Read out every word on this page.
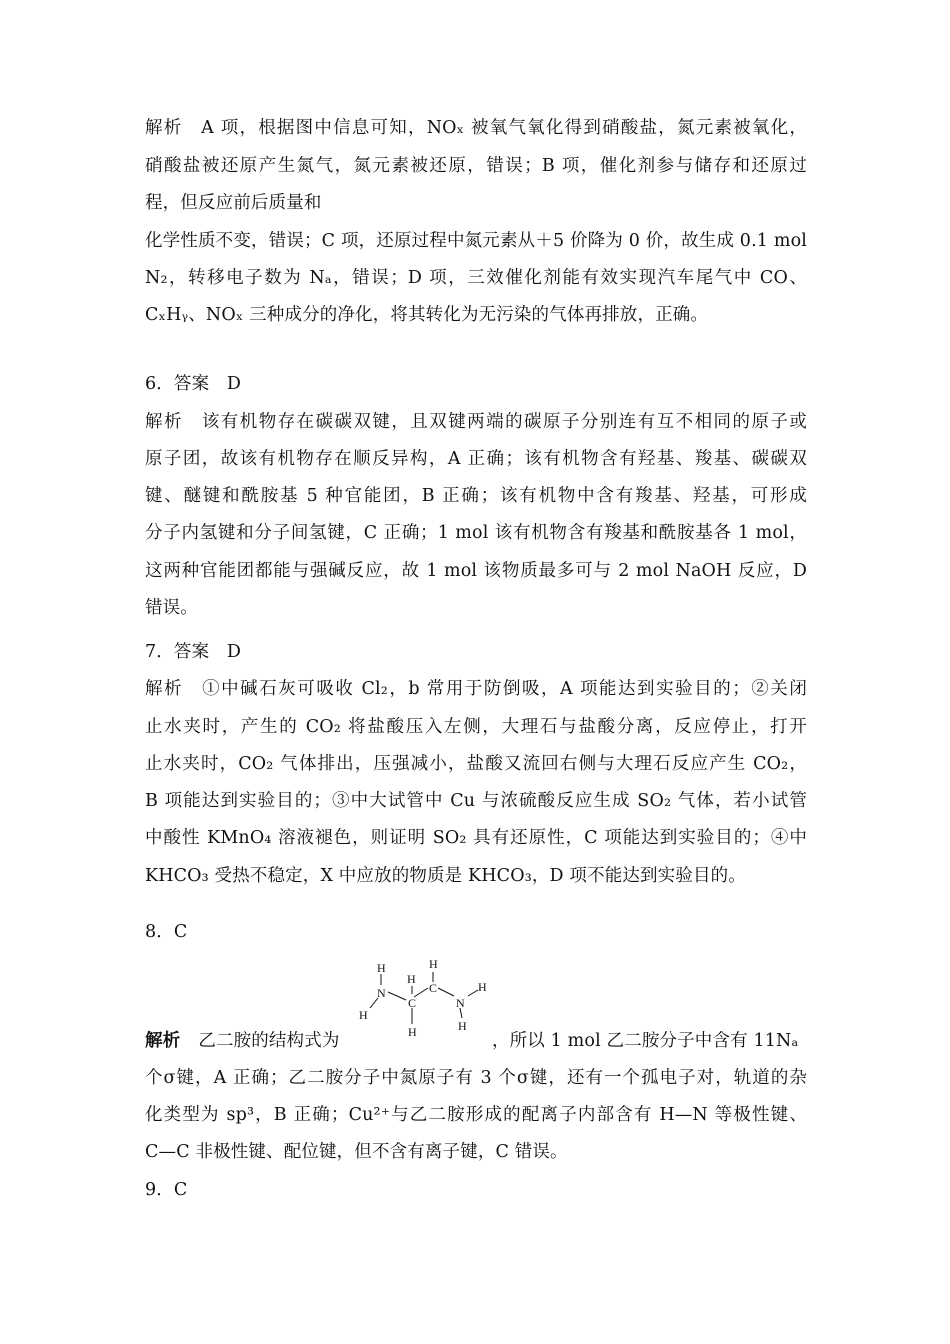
解析　A 项，根据图中信息可知，NOₓ 被氧气氧化得到硝酸盐，氮元素被氧化，
硝酸盐被还原产生氮气，氮元素被还原，错误；B 项，催化剂参与储存和还原过
程，但反应前后质量和
化学性质不变，错误；C 项，还原过程中氮元素从＋5 价降为 0 价，故生成 0.1 mol
N₂，转移电子数为 Nₐ，错误；D 项，三效催化剂能有效实现汽车尾气中 CO、
CₓHᵧ、NOₓ 三种成分的净化，将其转化为无污染的气体再排放，正确。
6．答案　D
解析　该有机物存在碳碳双键，且双键两端的碳原子分别连有互不相同的原子或
原子团，故该有机物存在顺反异构，A 正确；该有机物含有羟基、羧基、碳碳双
键、醚键和酰胺基 5 种官能团，B 正确；该有机物中含有羧基、羟基，可形成
分子内氢键和分子间氢键，C 正确；1 mol 该有机物含有羧基和酰胺基各 1 mol，
这两种官能团都能与强碱反应，故 1 mol 该物质最多可与 2 mol NaOH 反应，D
错误。
7．答案　D
解析　①中碱石灰可吸收 Cl₂，b 常用于防倒吸，A 项能达到实验目的；②关闭
止水夹时，产生的 CO₂ 将盐酸压入左侧，大理石与盐酸分离，反应停止，打开
止水夹时，CO₂ 气体排出，压强减小，盐酸又流回右侧与大理石反应产生 CO₂，
B 项能达到实验目的；③中大试管中 Cu 与浓硫酸反应生成 SO₂ 气体，若小试管
中酸性 KMnO₄ 溶液褪色，则证明 SO₂ 具有还原性，C 项能达到实验目的；④中
KHCO₃ 受热不稳定，X 中应放的物质是 KHCO₃，D 项不能达到实验目的。
8．C
H
H
N
H
C
H
H
C
N
H
H
解析 乙二胺的结构式为	，所以 1 mol 乙二胺分子中含有 11Nₐ
个σ键，A 正确；乙二胺分子中氮原子有 3 个σ键，还有一个孤电子对，轨道的杂
化类型为 sp³，B 正确；Cu²⁺与乙二胺形成的配离子内部含有 H—N 等极性键、
C—C 非极性键、配位键，但不含有离子键，C 错误。
9．C
